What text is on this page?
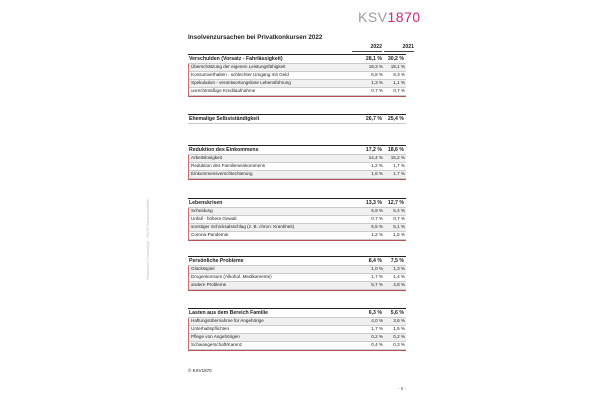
KSV1870
Insolvenzursachen bei Privatkonkursen 2022
2022	2021
Verschulden (Vorsatz - Fahrlässigkeit)	28,1 %	30,2 %
Überschätzung der eigenen Leistungsfähigkeit	19,3 %	19,1 %
Konsumverhalten - schlechter Umgang mit Geld	6,8 %	9,3 %
Spekulation - verantwortungslose Lebensführung	1,3 %	1,1 %
unrechtmäßige Kreditaufnahme	0,7 %	0,7 %
Ehemalige Selbstständigkeit	26,7 %	25,4 %
Reduktion des Einkommens	17,2 %	18,6 %
Arbeitslosigkeit	14,4 %	15,2 %
Reduktion des Familieneinkommens	1,2 %	1,7 %
Einkommensverschlechterung	1,6 %	1,7 %
Lebenskrisen	13,3 %	12,7 %
Scheidung	5,9 %	5,4 %
Unfall - höhere Gewalt	0,7 %	0,7 %
sonstiger Schicksalsschlag (z. B. chron. Krankheit)	5,5 %	5,1 %
Corona-Pandemie	1,2 %	1,5 %
Persönliche Probleme	8,4 %	7,5 %
Glücksspiel	1,0 %	1,3 %
Drogenkonsum (Alkohol, Medikamente)	1,7 %	1,4 %
andere Probleme	5,7 %	4,8 %
Lasten aus dem Bereich Familie	6,3 %	5,6 %
Haftungsübernahme für Angehörige	4,0 %	3,6 %
Unterhaltspflichten	1,7 %	1,5 %
Pflege von Angehörigen	0,2 %	0,2 %
Schwangerschaft/Karenz	0,4 %	0,3 %
© KSV1870
Präsentation / Druckvorlage - KSV1870 Insolvenzstatistik
- 8 -
